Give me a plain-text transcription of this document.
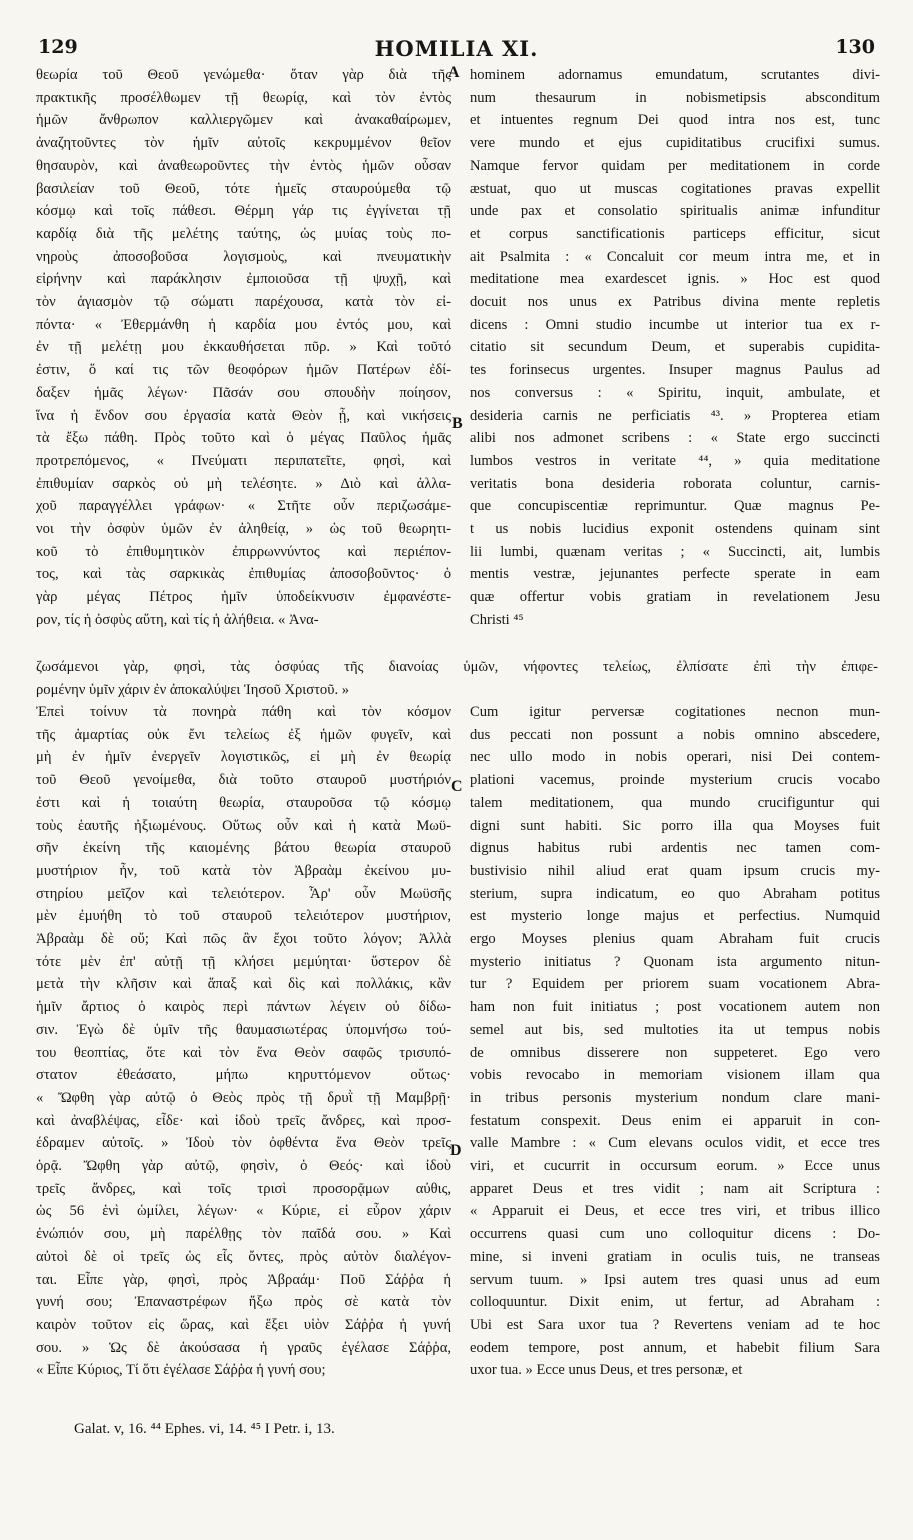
129	HOMILIA XI.	130
A
B
C
D
θεωρία τοῦ Θεοῦ γενώμεθα· ὅταν γὰρ διὰ τῆς
πρακτικῆς προσέλθωμεν τῇ θεωρίᾳ, καὶ τὸν ἐντὸς
ἡμῶν ἄνθρωπον καλλιεργῶμεν καὶ ἀνακαθαίρωμεν,
ἀναζητοῦντες τὸν ἡμῖν αὐτοῖς κεκρυμμένον θεῖον
θησαυρὸν, καὶ ἀναθεωροῦντες τὴν ἐντὸς ἡμῶν οὖσαν
βασιλείαν τοῦ Θεοῦ, τότε ἡμεῖς σταυρούμεθα τῷ
κόσμῳ καὶ τοῖς πάθεσι. Θέρμη γάρ τις ἐγγίνεται τῇ
καρδίᾳ διὰ τῆς μελέτης ταύτης, ὡς μυίας τοὺς πο-
νηροὺς ἀποσοβοῦσα λογισμοὺς, καὶ πνευματικὴν
εἰρήνην καὶ παράκλησιν ἐμποιοῦσα τῇ ψυχῇ, καὶ
τὸν ἁγιασμὸν τῷ σώματι παρέχουσα, κατὰ τὸν εἰ-
πόντα· « Ἐθερμάνθη ἡ καρδία μου ἐντός μου, καὶ
ἐν τῇ μελέτῃ μου ἐκκαυθήσεται πῦρ. » Καὶ τοῦτό
ἐστιν, ὅ καί τις τῶν θεοφόρων ἡμῶν Πατέρων ἐδί-
δαξεν ἡμᾶς λέγων· Πᾶσάν σου σπουδὴν ποίησον,
ἵνα ἡ ἔνδον σου ἐργασία κατὰ Θεὸν ᾖ, καὶ νικήσεις
τὰ ἔξω πάθη. Πρὸς τοῦτο καὶ ὁ μέγας Παῦλος ἡμᾶς
προτρεπόμενος, « Πνεύματι περιπατεῖτε, φησὶ, καὶ
ἐπιθυμίαν σαρκὸς οὐ μὴ τελέσητε. » Διὸ καὶ ἀλλα-
χοῦ παραγγέλλει γράφων· « Στῆτε οὖν περιζωσάμε-
νοι τὴν ὀσφὺν ὑμῶν ἐν ἀληθείᾳ, » ὡς τοῦ θεωρητι-
κοῦ τὸ ἐπιθυμητικὸν ἐπιρρωννύντος καὶ περιέπον-
τος, καὶ τὰς σαρκικὰς ἐπιθυμίας ἀποσοβοῦντος· ὁ
γὰρ μέγας Πέτρος ἡμῖν ὑποδείκνυσιν ἐμφανέστε-
ρον, τίς ἡ ὀσφὺς αὕτη, καὶ τίς ἡ ἀλήθεια. « Ἀνα-
hominem adornamus emundatum, scrutantes divi-
num thesaurum in nobismetipsis absconditum
et intuentes regnum Dei quod intra nos est, tunc
vere mundo et ejus cupiditatibus crucifixi sumus.
Namque fervor quidam per meditationem in corde
æstuat, quo ut muscas cogitationes pravas expellit
unde pax et consolatio spiritualis animæ infunditur
et corpus sanctificationis particeps efficitur, sicut
ait Psalmita : « Concaluit cor meum intra me, et in
meditatione mea exardescet ignis. » Hoc est quod
docuit nos unus ex Patribus divina mente repletis
dicens : Omni studio incumbe ut interior tua ex r-
citatio sit secundum Deum, et superabis cupidita-
tes forinsecus urgentes. Insuper magnus Paulus ad
nos conversus : « Spiritu, inquit, ambulate, et
desideria carnis ne perficiatis ⁴³. » Propterea etiam
alibi nos admonet scribens : « State ergo succincti
lumbos vestros in veritate ⁴⁴, » quia meditatione
veritatis bona desideria roborata coluntur, carnis-
que concupiscentiæ reprimuntur. Quæ magnus Pe-
t us nobis lucidius exponit ostendens quinam sint
lii lumbi, quænam veritas ; « Succincti, ait, lumbis
mentis vestræ, jejunantes perfecte sperate in eam
quæ offertur vobis gratiam in revelationem Jesu
Christi ⁴⁵
ζωσάμενοι γὰρ, φησὶ, τὰς ὀσφύας τῆς διανοίας ὑμῶν, νήφοντες τελείως, ἐλπίσατε ἐπὶ τὴν ἐπιφε-
ρομένην ὑμῖν χάριν ἐν ἀποκαλύψει Ἰησοῦ Χριστοῦ. »
Ἐπεὶ τοίνυν τὰ πονηρὰ πάθη καὶ τὸν κόσμον
τῆς ἁμαρτίας οὐκ ἔνι τελείως ἐξ ἡμῶν φυγεῖν, καὶ
μὴ ἐν ἡμῖν ἐνεργεῖν λογιστικῶς, εἰ μὴ ἐν θεωρίᾳ
τοῦ Θεοῦ γενοίμεθα, διὰ τοῦτο σταυροῦ μυστήριόν
ἐστι καὶ ἡ τοιαύτη θεωρία, σταυροῦσα τῷ κόσμῳ
τοὺς ἑαυτῆς ἠξιωμένους. Οὕτως οὖν καὶ ἡ κατὰ Μωϋ-
σῆν ἐκείνη τῆς καιομένης βάτου θεωρία σταυροῦ
μυστήριον ἦν, τοῦ κατὰ τὸν Ἀβραὰμ ἐκείνου μυ-
στηρίου μεῖζον καὶ τελειότερον. Ἆρ' οὖν Μωϋσῆς
μὲν ἐμυήθη τὸ τοῦ σταυροῦ τελειότερον μυστήριον,
Ἀβραὰμ δὲ οὔ; Καὶ πῶς ἂν ἔχοι τοῦτο λόγον; Ἀλλὰ
τότε μὲν ἐπ' αὐτῇ τῇ κλήσει μεμύηται· ὕστερον δὲ
μετὰ τὴν κλῆσιν καὶ ἅπαξ καὶ δὶς καὶ πολλάκις, κἂν
ἡμῖν ἄρτιος ὁ καιρὸς περὶ πάντων λέγειν οὐ δίδω-
σιν. Ἐγὼ δὲ ὑμῖν τῆς θαυμασιωτέρας ὑπομνήσω τού-
του θεοπτίας, ὅτε καὶ τὸν ἕνα Θεὸν σαφῶς τρισυπό-
στατον ἐθεάσατο, μήπω κηρυττόμενον οὕτως·
« Ὤφθη γὰρ αὐτῷ ὁ Θεὸς πρὸς τῇ δρυῒ τῇ Μαμβρῇ·
καὶ ἀναβλέψας, εἶδε· καὶ ἰδοὺ τρεῖς ἄνδρες, καὶ προσ-
έδραμεν αὐτοῖς. » Ἰδοὺ τὸν ὀφθέντα ἕνα Θεὸν τρεῖς
ὁρᾷ. Ὤφθη γὰρ αὐτῷ, φησὶν, ὁ Θεός· καὶ ἰδοὺ
τρεῖς ἄνδρες, καὶ τοῖς τρισὶ προσορᾷμων αὐθις,
ὡς 56 ἑνὶ ὡμίλει, λέγων· « Κύριε, εἰ εὗρον χάριν
ἐνώπιόν σου, μὴ παρέλθῃς τὸν παῖδά σου. » Καὶ
αὐτοὶ δὲ οἱ τρεῖς ὡς εἷς ὄντες, πρὸς αὐτὸν διαλέγον-
ται. Εἶπε γὰρ, φησὶ, πρὸς Ἀβραάμ· Ποῦ Σάῤῥα ἡ
γυνή σου; Ἐπαναστρέφων ἥξω πρὸς σὲ κατὰ τὸν
καιρὸν τοῦτον εἰς ὥρας, καὶ ἕξει υἱὸν Σάῤῥα ἡ γυνή
σου. » Ὡς δὲ ἀκούσασα ἡ γραῦς ἐγέλασε Σάῤῥα,
« Εἶπε Κύριος, Τί ὅτι ἐγέλασε Σάῤῥα ἡ γυνή σου;
Cum igitur perversæ cogitationes necnon mun-
dus peccati non possunt a nobis omnino abscedere,
nec ullo modo in nobis operari, nisi Dei contem-
plationi vacemus, proinde mysterium crucis vocabo
talem meditationem, qua mundo crucifiguntur qui
digni sunt habiti. Sic porro illa qua Moyses fuit
dignus habitus rubi ardentis nec tamen com-
bustivisio nihil aliud erat quam ipsum crucis my-
sterium, supra indicatum, eo quo Abraham potitus
est mysterio longe majus et perfectius. Numquid
ergo Moyses plenius quam Abraham fuit crucis
mysterio initiatus ? Quonam ista argumento nitun-
tur ? Equidem per priorem suam vocationem Abra-
ham non fuit initiatus ; post vocationem autem non
semel aut bis, sed multoties ita ut tempus nobis
de omnibus disserere non suppeteret. Ego vero
vobis revocabo in memoriam visionem illam qua
in tribus personis mysterium nondum clare mani-
festatum conspexit. Deus enim ei apparuit in con-
valle Mambre : « Cum elevans oculos vidit, et ecce tres
viri, et cucurrit in occursum eorum. » Ecce unus
apparet Deus et tres vidit ; nam ait Scriptura :
« Apparuit ei Deus, et ecce tres viri, et tribus illico
occurrens quasi cum uno colloquitur dicens : Do-
mine, si inveni gratiam in oculis tuis, ne transeas
servum tuum. » Ipsi autem tres quasi unus ad eum
colloquuntur. Dixit enim, ut fertur, ad Abraham :
Ubi est Sara uxor tua ? Revertens veniam ad te hoc
eodem tempore, post annum, et habebit filium Sara
uxor tua. » Ecce unus Deus, et tres personæ, et
Galat. v, 16. ⁴⁴ Ephes. vi, 14. ⁴⁵ I Petr. i, 13.
